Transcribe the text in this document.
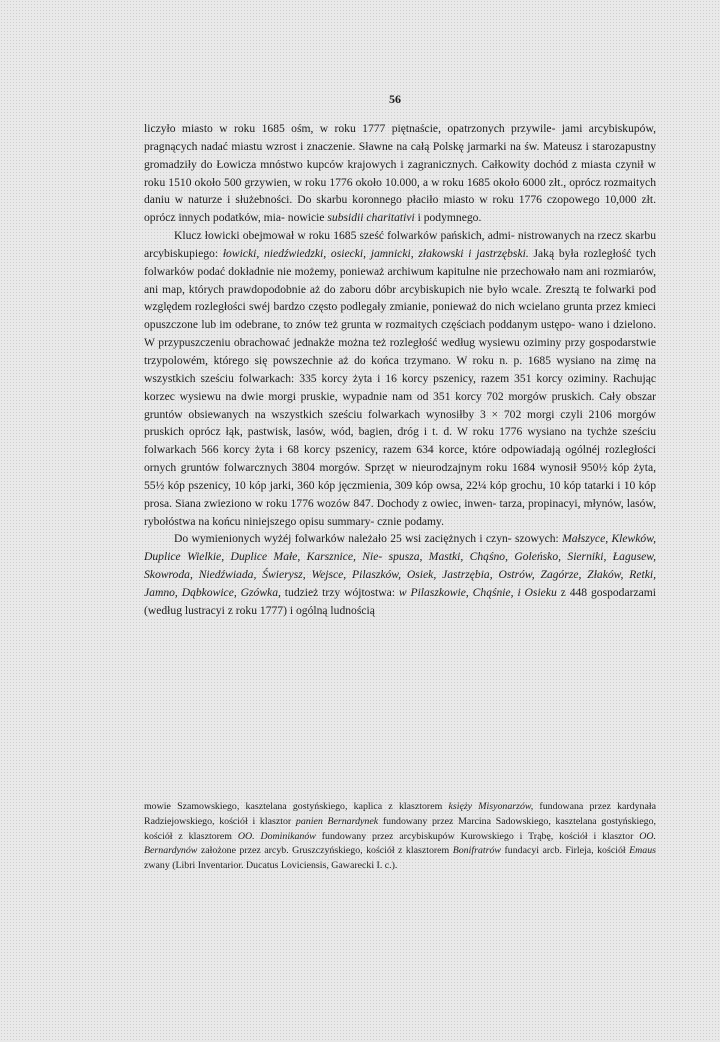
56

liczyło miasto w roku 1685 ośm, w roku 1777 piętnaście, opatrzonych przywile- jami arcybiskupów, pragnących nadać miastu wzrost i znaczenie. Sławne na całą Polskę jarmarki na św. Mateusz i starozapustny gromadziły do Łowicza mnóstwo kupców krajowych i zagranicznych. Całkowity dochód z miasta czynił w roku 1510 około 500 grzywien, w roku 1776 około 10.000, a w roku 1685 około 6000 złt., oprócz rozmaitych daniu w naturze i służebności. Do skarbu koronnego płaciło miasto w roku 1776 czopowego 10,000 złt. oprócz innych podatków, mia- nowicie subsidii charitativi i podymnego.

Klucz łowicki obejmował w roku 1685 sześć folwarków pańskich, admi- nistrowanych na rzecz skarbu arcybiskupiego: łowicki, niedźwiedzki, osiecki, jamnicki, złakowski i jastrzębski. Jaką była rozległość tych folwarków podać dokładnie nie możemy, ponieważ archiwum kapitulne nie przechowało nam ani rozmiarów, ani map, których prawdopodobnie aż do zaboru dóbr arcybiskupich nie było wcale. Zresztą te folwarki pod względem rozległości swéj bardzo często podlegały zmianie, ponieważ do nich wcielano grunta przez kmieci opuszczone lub im odebrane, to znów też grunta w rozmaitych częściach poddanym ustępo- wano i dzielono. W przypuszczeniu obrachować jednakże można też rozległość według wysiewu oziminy przy gospodarstwie trzypolowém, którego się powszechnie aż do końca trzymano. W roku n. p. 1685 wysiano na zimę na wszystkich sześciu folwarkach: 335 korcy żyta i 16 korcy pszenicy, razem 351 korcy oziminy. Rachując korzec wysiewu na dwie morgi pruskie, wypadnie nam od 351 korcy 702 morgów pruskich. Cały obszar gruntów obsiewanych na wszystkich sześciu folwarkach wynosiłby 3 × 702 morgi czyli 2106 morgów pruskich oprócz łąk, pastwisk, lasów, wód, bagien, dróg i t. d. W roku 1776 wysiano na tychże sześciu folwarkach 566 korcy żyta i 68 korcy pszenicy, razem 634 korce, które odpowiadają ogólnéj rozległości ornych gruntów folwarcznych 3804 morgów. Sprzęt w nieurodzajnym roku 1684 wynosił 950½ kóp żyta, 55½ kóp pszenicy, 10 kóp jarki, 360 kóp jęczmienia, 309 kóp owsa, 22¼ kóp grochu, 10 kóp tatarki i 10 kóp prosa. Siana zwieziono w roku 1776 wozów 847. Dochody z owiec, inwen- tarza, propinacyi, młynów, lasów, rybołóstwa na końcu niniejszego opisu summary- cznie podamy.

Do wymienionych wyżéj folwarków należało 25 wsi zaciężnych i czyn- szowych: Małszyce, Klewków, Duplice Wielkie, Duplice Małe, Karsznice, Nie- spusza, Mastki, Chąśno, Goleńsko, Sierniki, Łagusew, Skowroda, Niedźwiada, Świerysz, Wejsce, Pilaszków, Osiek, Jastrzębia, Ostrów, Zagórze, Złaków, Retki, Jamno, Dąbkowice, Gzówka, tudzież trzy wójtostwa: w Pilaszkowie, Chąśnie, i Osieku z 448 gospodarzami (według lustracyi z roku 1777) i ogólną ludnością

mowie Szamowskiego, kasztelana gostyńskiego, kaplica z klasztorem księży Misyonarzów, fundowana przez kardynała Radziejowskiego, kościół i klasztor panien Bernardynek fundowany przez Marcina Sadowskiego, kasztelana gostyńskiego, kościół z klasztorem OO. Dominikanów fundowany przez arcybiskupów Kurowskiego i Trąbę, kościół i klasztor OO. Bernardynów założone przez arcyb. Gruszczyńskiego, kościół z klasztorem Bonifratrów fundacyi arcb. Firleja, kościół Emaus zwany (Libri Inventarior. Ducatus Loviciensis, Gawarecki I. c.).
